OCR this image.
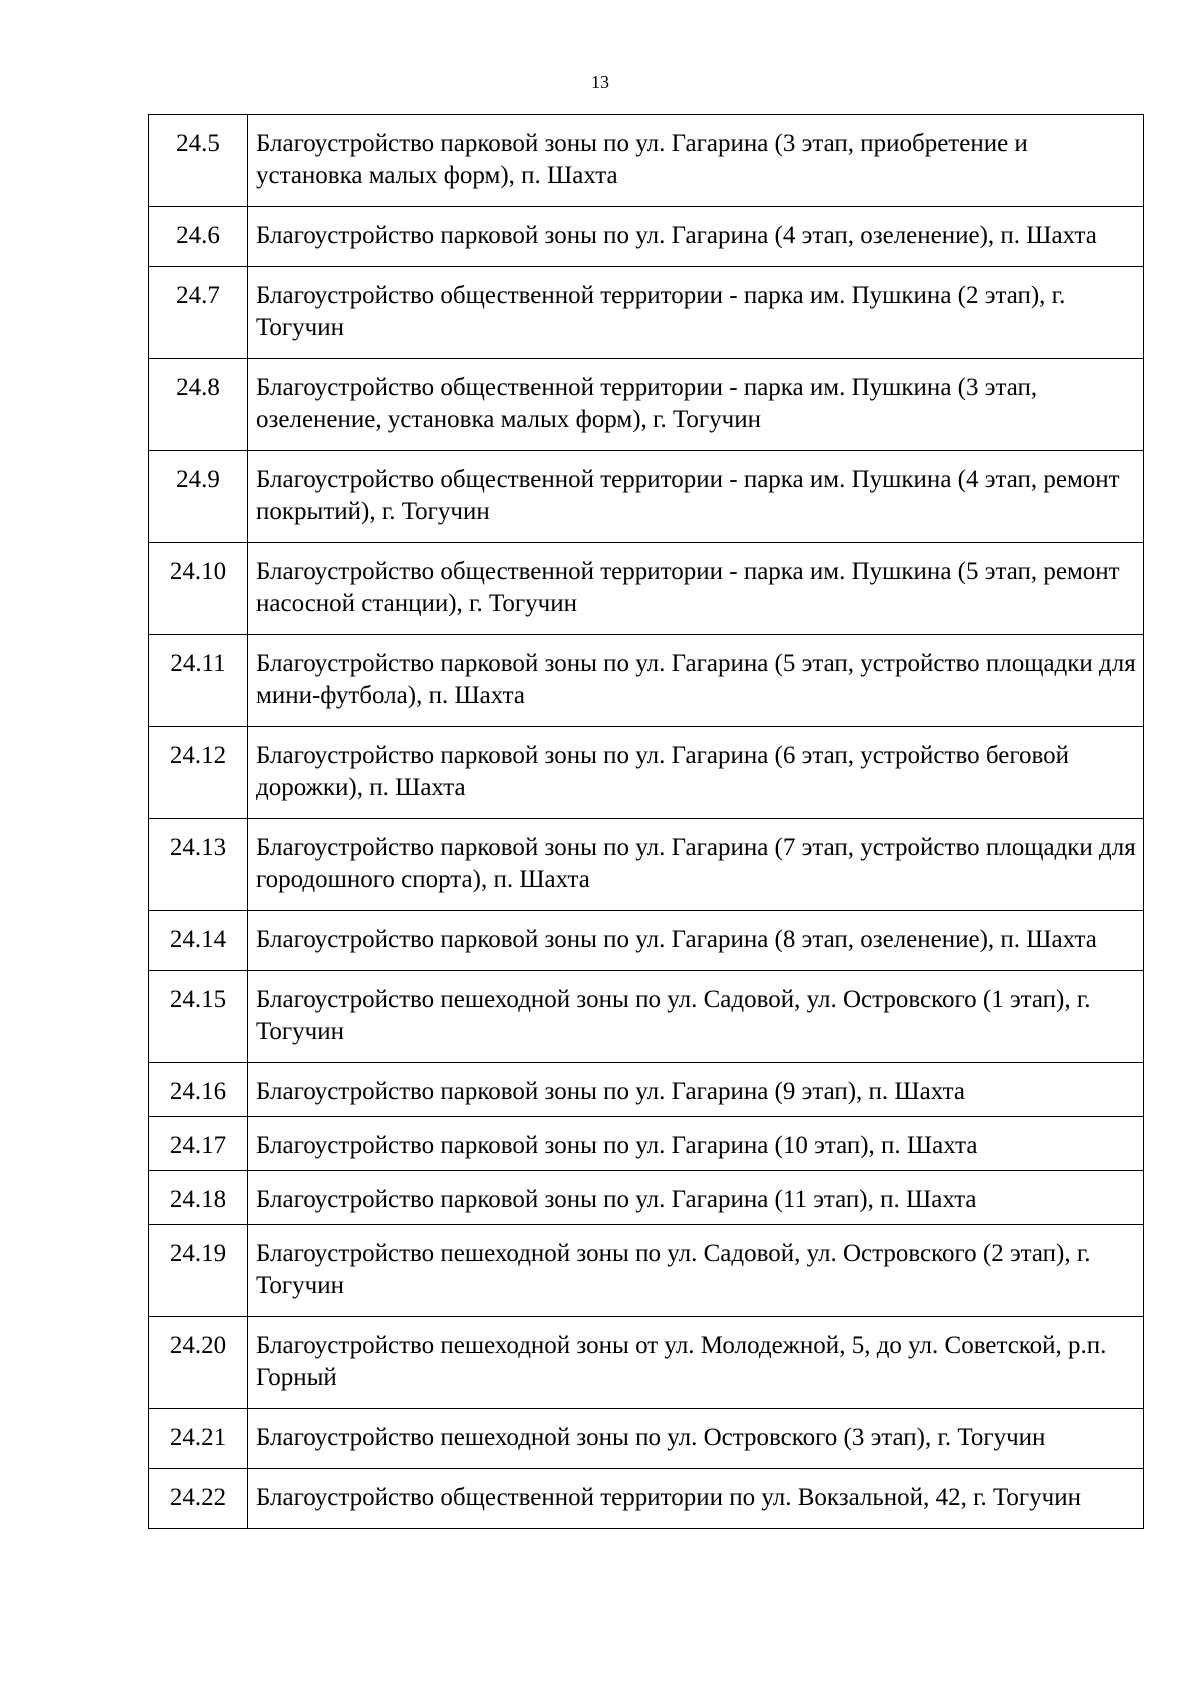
13
24.5	Благоустройство парковой зоны по ул. Гагарина (3 этап, приобретение и установка малых форм), п. Шахта
24.6	Благоустройство парковой зоны по ул. Гагарина (4 этап, озеленение), п. Шахта
24.7	Благоустройство общественной территории - парка им. Пушкина (2 этап), г. Тогучин
24.8	Благоустройство общественной территории - парка им. Пушкина (3 этап, озеленение, установка малых форм), г. Тогучин
24.9	Благоустройство общественной территории - парка им. Пушкина (4 этап, ремонт покрытий), г. Тогучин
24.10	Благоустройство общественной территории - парка им. Пушкина (5 этап, ремонт насосной станции), г. Тогучин
24.11	Благоустройство парковой зоны по ул. Гагарина (5 этап, устройство площадки для мини-футбола), п. Шахта
24.12	Благоустройство парковой зоны по ул. Гагарина (6 этап, устройство беговой дорожки), п. Шахта
24.13	Благоустройство парковой зоны по ул. Гагарина (7 этап, устройство площадки для городошного спорта), п. Шахта
24.14	Благоустройство парковой зоны по ул. Гагарина (8 этап, озеленение), п. Шахта
24.15	Благоустройство пешеходной зоны по ул. Садовой, ул. Островского (1 этап), г. Тогучин
24.16	Благоустройство парковой зоны по ул. Гагарина (9 этап), п. Шахта
24.17	Благоустройство парковой зоны по ул. Гагарина (10 этап), п. Шахта
24.18	Благоустройство парковой зоны по ул. Гагарина (11 этап), п. Шахта
24.19	Благоустройство пешеходной зоны по ул. Садовой, ул. Островского (2 этап), г. Тогучин
24.20	Благоустройство пешеходной зоны от ул. Молодежной, 5, до ул. Советской, р.п. Горный
24.21	Благоустройство пешеходной зоны по ул. Островского (3 этап), г. Тогучин
24.22	Благоустройство общественной территории по ул. Вокзальной, 42, г. Тогучин
